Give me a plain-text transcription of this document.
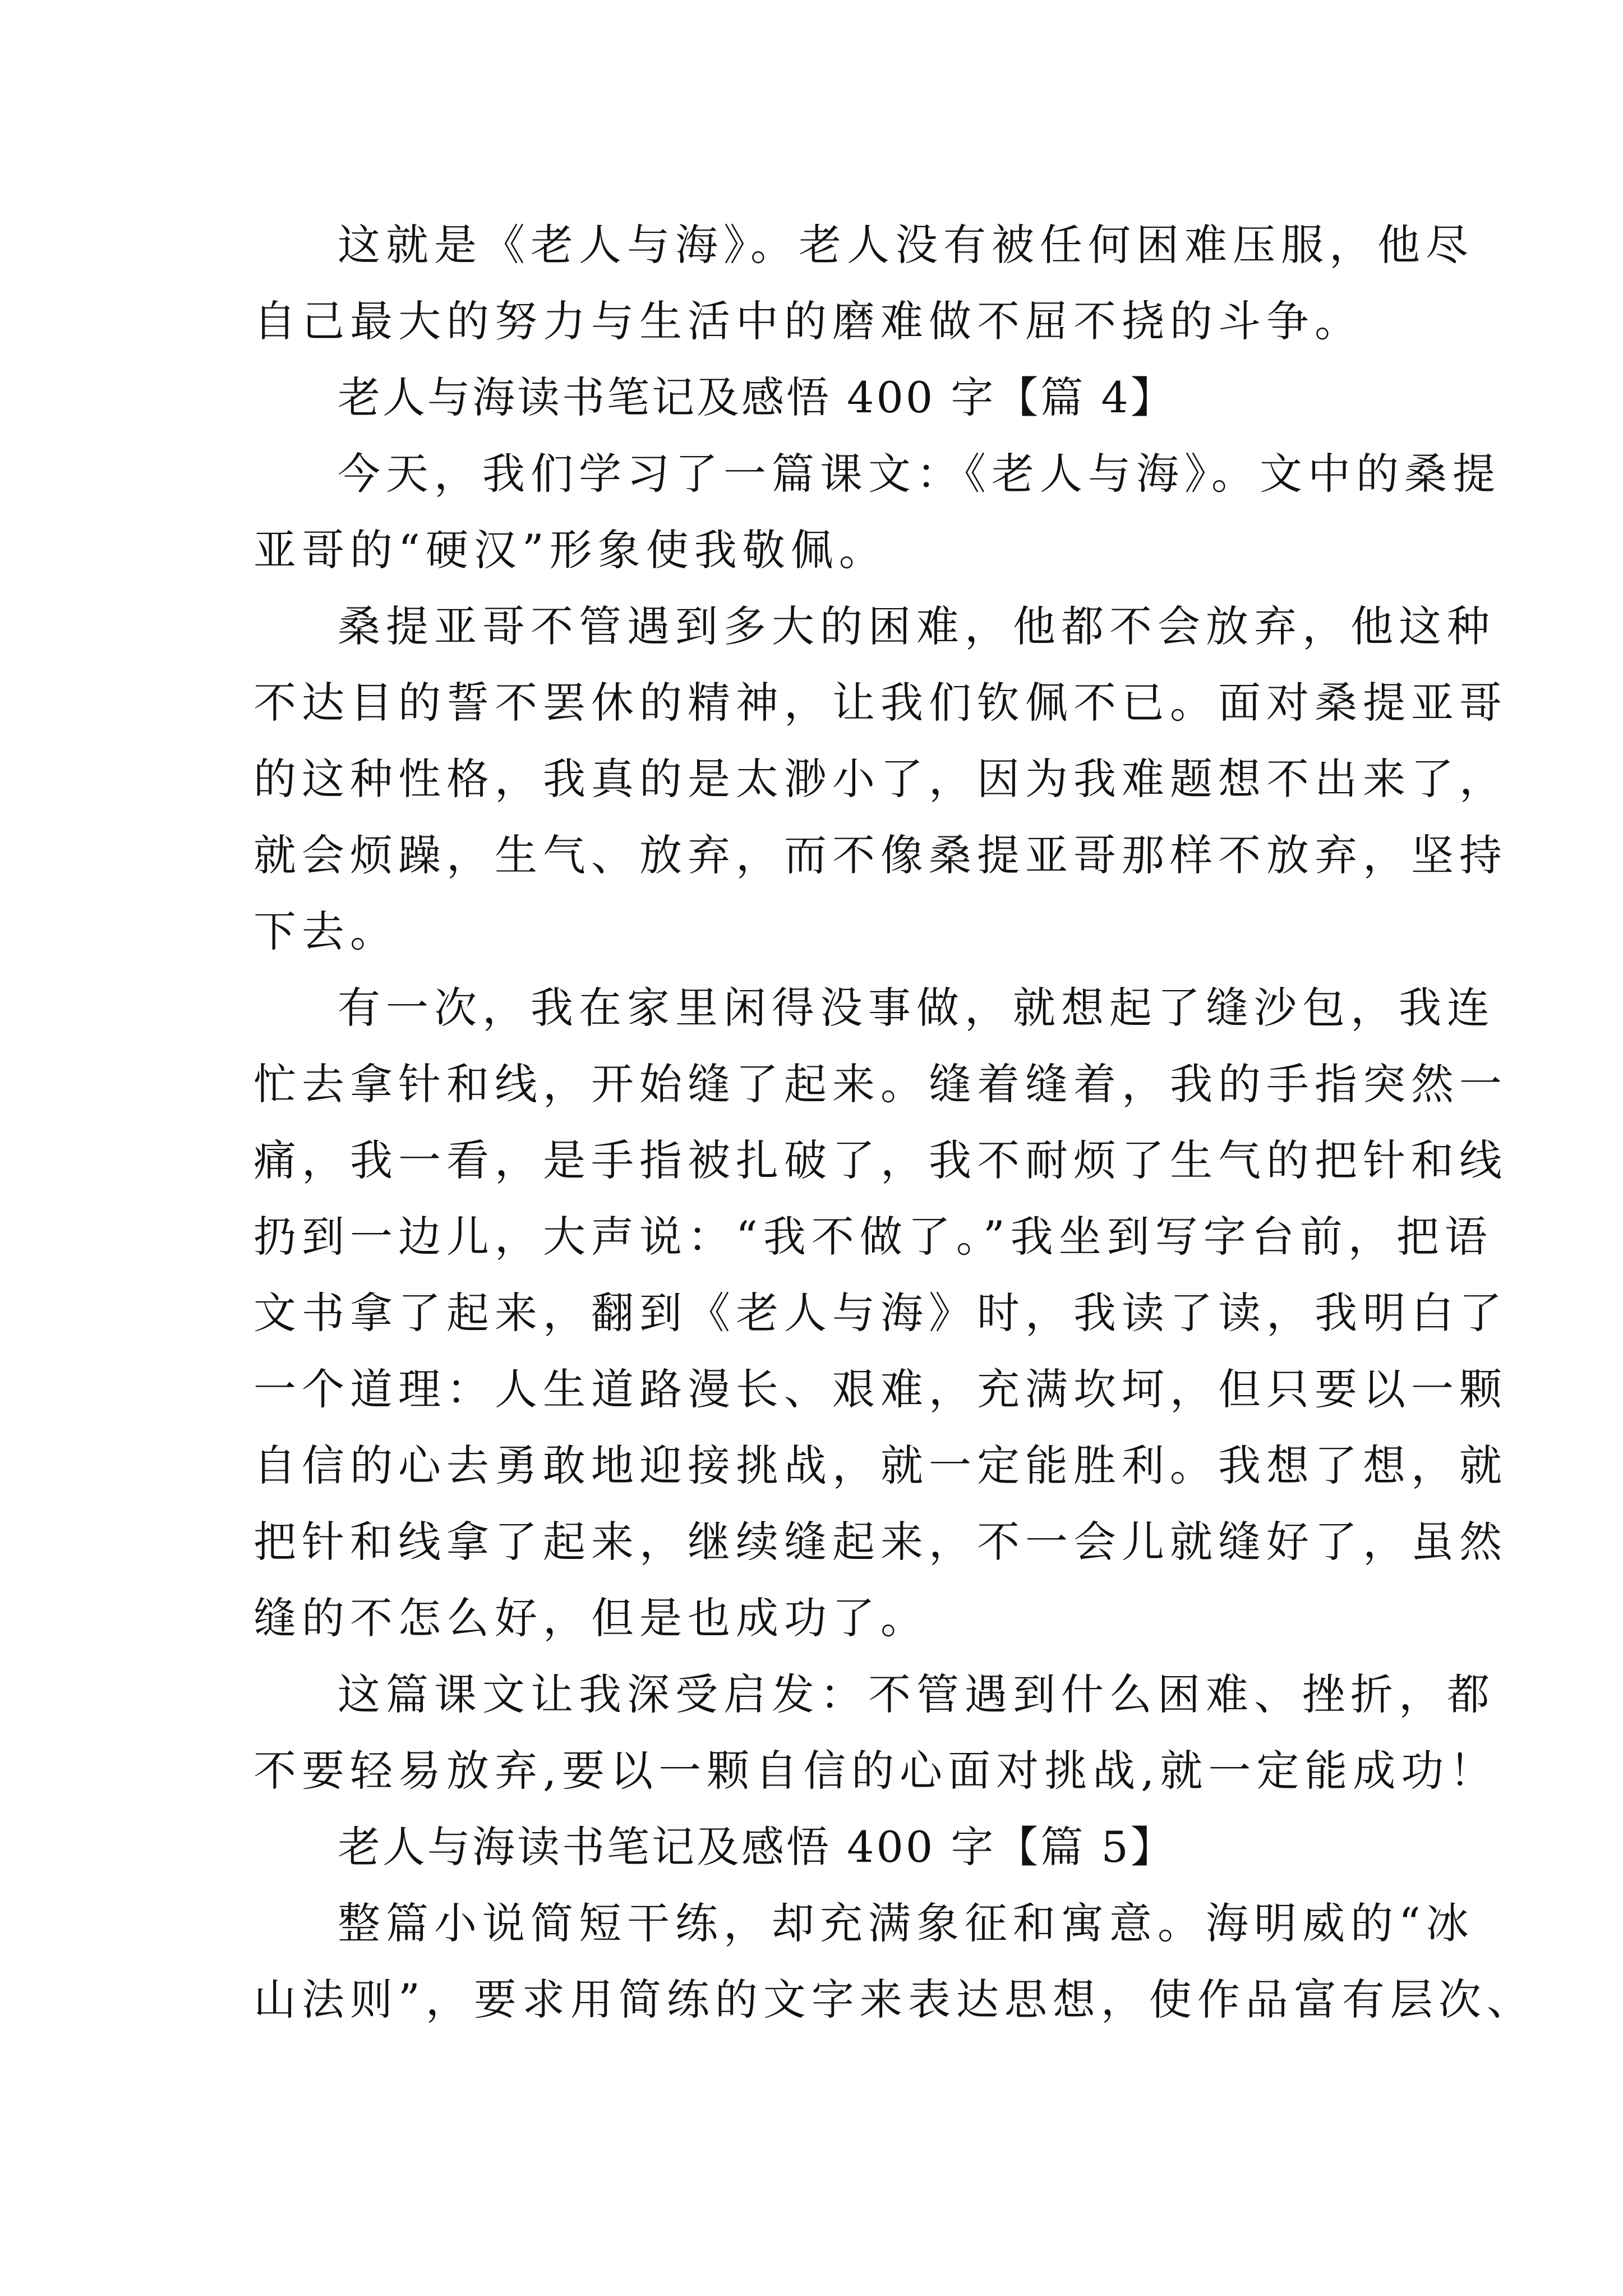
这就是《老人与海》。老人没有被任何困难压服，他尽
自己最大的努力与生活中的磨难做不屈不挠的斗争。
老人与海读书笔记及感悟 400 字【篇 4】
今天，我们学习了一篇课文：《老人与海》。文中的桑提
亚哥的“硬汉”形象使我敬佩。
桑提亚哥不管遇到多大的困难，他都不会放弃，他这种
不达目的誓不罢休的精神，让我们钦佩不已。面对桑提亚哥
的这种性格，我真的是太渺小了，因为我难题想不出来了，
就会烦躁，生气、放弃，而不像桑提亚哥那样不放弃，坚持
下去。
有一次，我在家里闲得没事做，就想起了缝沙包，我连
忙去拿针和线，开始缝了起来。缝着缝着，我的手指突然一
痛，我一看，是手指被扎破了，我不耐烦了生气的把针和线
扔到一边儿，大声说：“我不做了。”我坐到写字台前，把语
文书拿了起来，翻到《老人与海》时，我读了读，我明白了
一个道理：人生道路漫长、艰难，充满坎坷，但只要以一颗
自信的心去勇敢地迎接挑战，就一定能胜利。我想了想，就
把针和线拿了起来，继续缝起来，不一会儿就缝好了，虽然
缝的不怎么好，但是也成功了。
这篇课文让我深受启发：不管遇到什么困难、挫折，都
不要轻易放弃,要以一颗自信的心面对挑战,就一定能成功！
老人与海读书笔记及感悟 400 字【篇 5】
整篇小说简短干练，却充满象征和寓意。海明威的“冰
山法则”，要求用简练的文字来表达思想，使作品富有层次、
